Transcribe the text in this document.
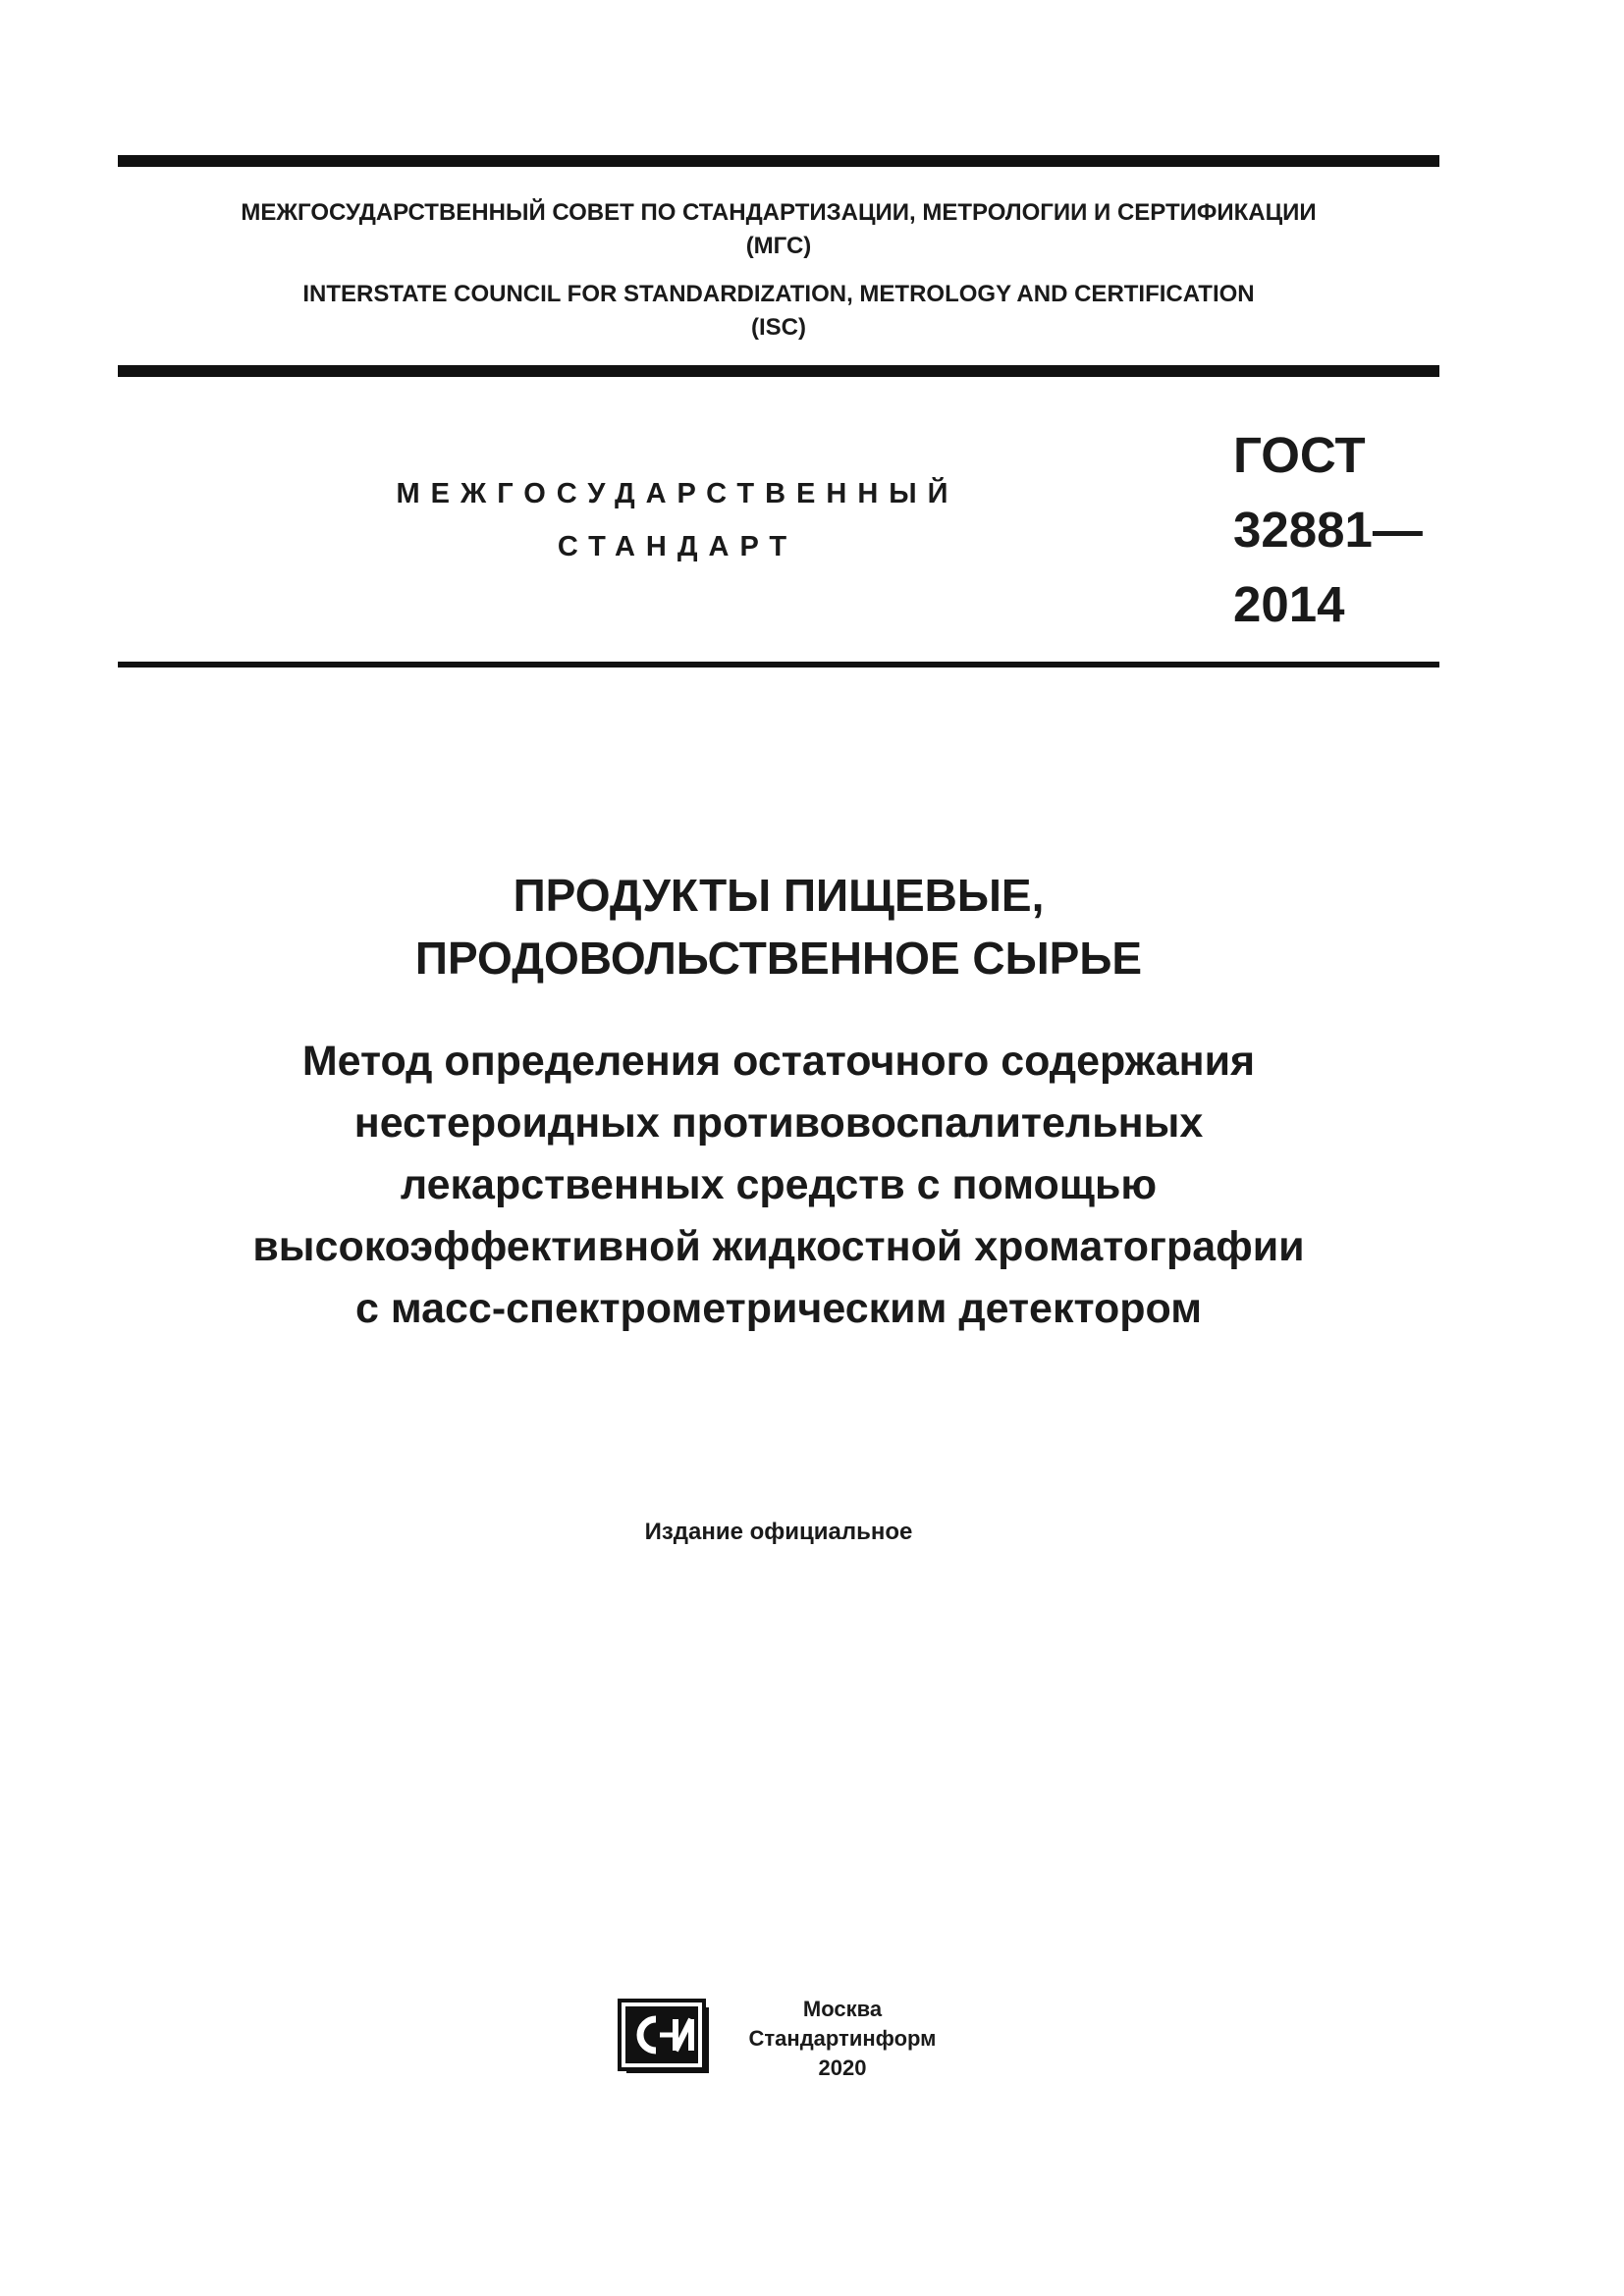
МЕЖГОСУДАРСТВЕННЫЙ СОВЕТ ПО СТАНДАРТИЗАЦИИ, МЕТРОЛОГИИ И СЕРТИФИКАЦИИ
(МГС)
INTERSTATE COUNCIL FOR STANDARDIZATION, METROLOGY AND CERTIFICATION
(ISC)
МЕЖГОСУДАРСТВЕННЫЙ
СТАНДАРТ
ГОСТ
32881—
2014
ПРОДУКТЫ ПИЩЕВЫЕ,
ПРОДОВОЛЬСТВЕННОЕ СЫРЬЕ
Метод определения остаточного содержания
нестероидных противовоспалительных
лекарственных средств с помощью
высокоэффективной жидкостной хроматографии
с масс-спектрометрическим детектором
Издание официальное
Москва
Стандартинформ
2020
